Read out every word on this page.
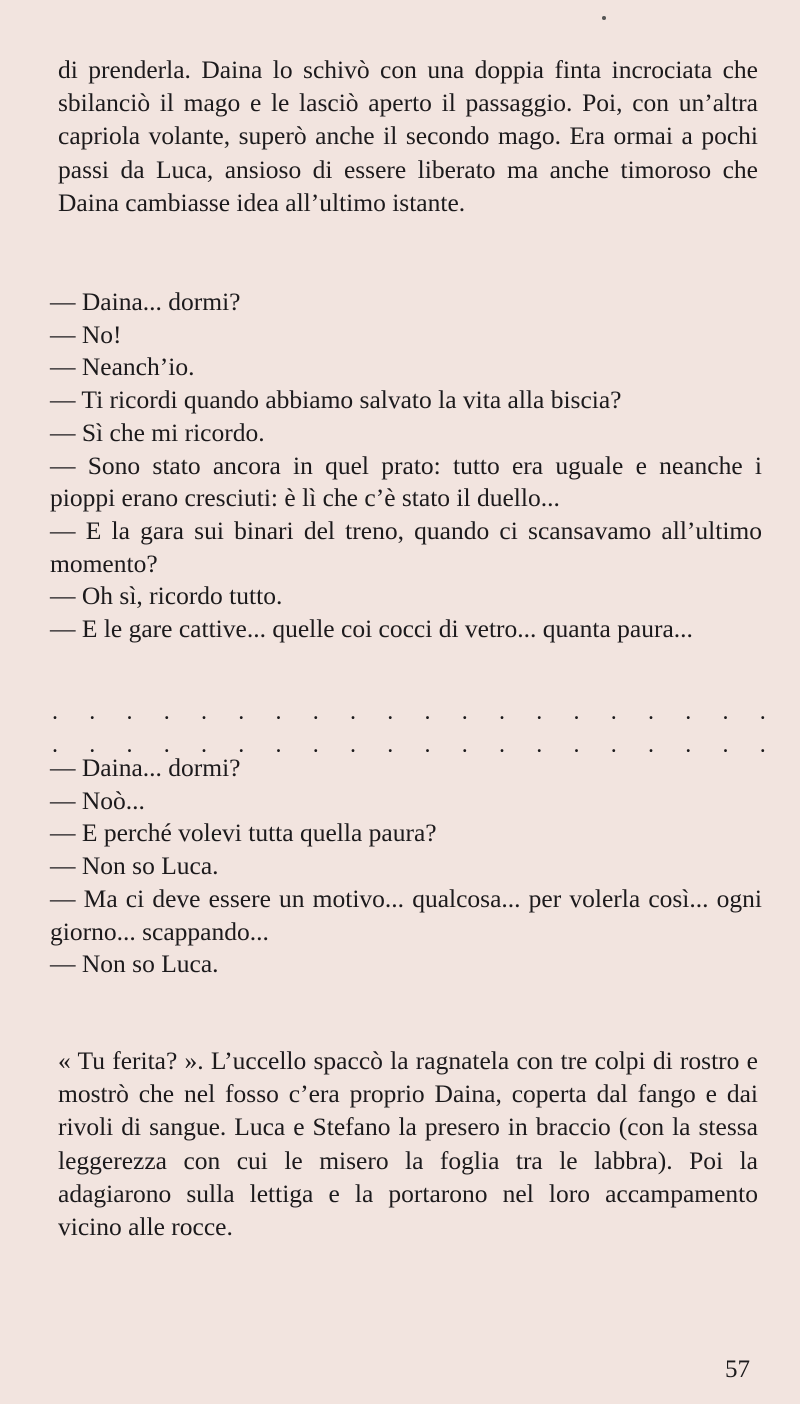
di prenderla. Daina lo schivò con una doppia finta incrociata che sbilanciò il mago e le lasciò aperto il passaggio. Poi, con un’altra capriola volante, superò anche il secondo mago. Era ormai a pochi passi da Luca, ansioso di essere liberato ma anche timoroso che Daina cambiasse idea all’ultimo istante.

— Daina... dormi?

— No!

— Neanch’io.

— Ti ricordi quando abbiamo salvato la vita alla biscia?

— Sì che mi ricordo.

— Sono stato ancora in quel prato: tutto era uguale e neanche i pioppi erano cresciuti: è lì che c’è stato il duello...

— E la gara sui binari del treno, quando ci scansavamo all’ultimo momento?

— Oh sì, ricordo tutto.

— E le gare cattive... quelle coi cocci di vetro... quanta paura...

. . . . . . . . . . . . . . . . . . . .
. . . . . . . . . . . . . . . . . . . .

— Daina... dormi?

— Noò...

— E perché volevi tutta quella paura?

— Non so Luca.

— Ma ci deve essere un motivo... qualcosa... per volerla così... ogni giorno... scappando...

— Non so Luca.

« Tu ferita? ». L’uccello spaccò la ragnatela con tre colpi di rostro e mostrò che nel fosso c’era proprio Daina, coperta dal fango e dai rivoli di sangue. Luca e Stefano la presero in braccio (con la stessa leggerezza con cui le misero la foglia tra le labbra). Poi la adagiarono sulla lettiga e la portarono nel loro accampamento vicino alle rocce.

57
